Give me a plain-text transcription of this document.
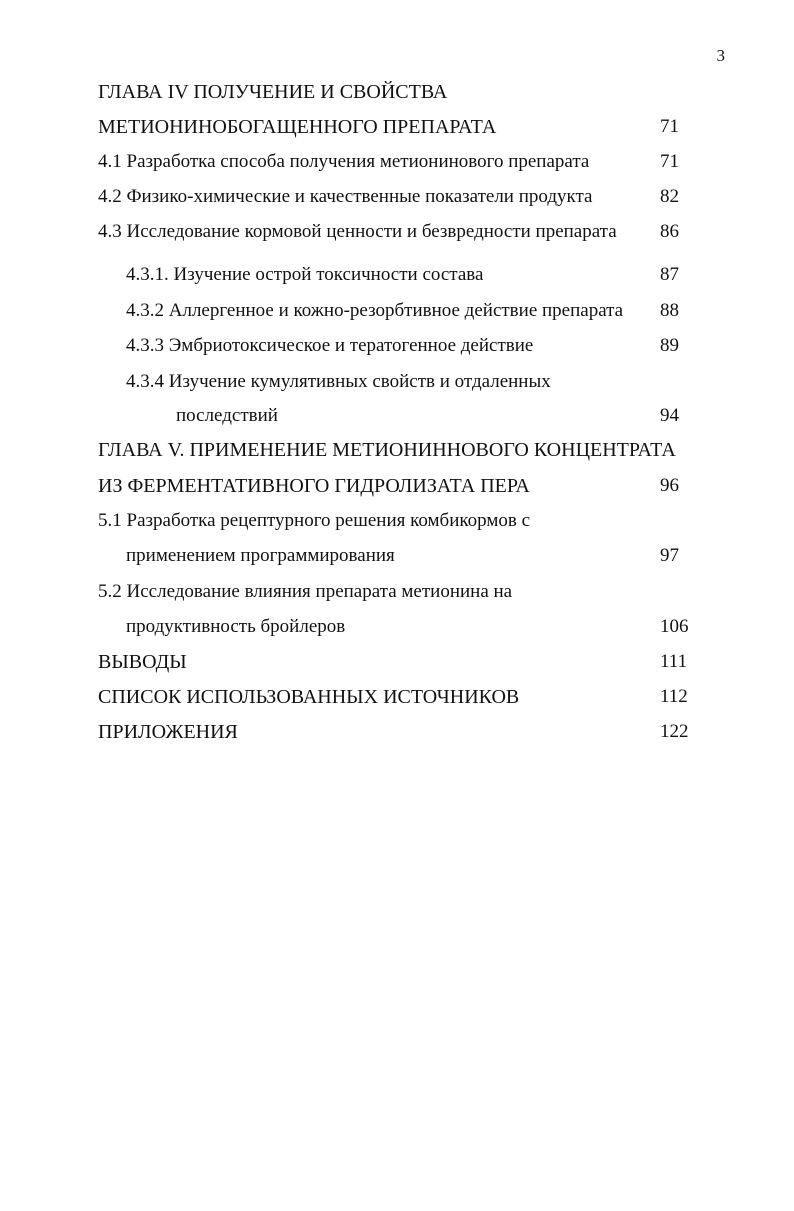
3
ГЛАВА IV ПОЛУЧЕНИЕ И СВОЙСТВА
МЕТИОНИНОБОГАЩЕННОГО ПРЕПАРАТА	71
4.1 Разработка способа получения метионинового препарата	71
4.2 Физико-химические и качественные показатели продукта	82
4.3 Исследование кормовой ценности и безвредности препарата 86
4.3.1. Изучение острой токсичности состава	87
4.3.2 Аллергенное и кожно-резорбтивное действие препарата 88
4.3.3 Эмбриотоксическое и тератогенное действие	89
4.3.4 Изучение кумулятивных свойств и отдаленных
последствий	94
ГЛАВА V. ПРИМЕНЕНИЕ МЕТИОНИННОВОГО КОНЦЕНТРАТА
ИЗ ФЕРМЕНТАТИВНОГО ГИДРОЛИЗАТА ПЕРА	96
5.1 Разработка рецептурного решения комбикормов с
применением программирования	97
5.2 Исследование влияния препарата метионина на
продуктивность бройлеров	106
ВЫВОДЫ	111
СПИСОК ИСПОЛЬЗОВАННЫХ ИСТОЧНИКОВ	112
ПРИЛОЖЕНИЯ	122
